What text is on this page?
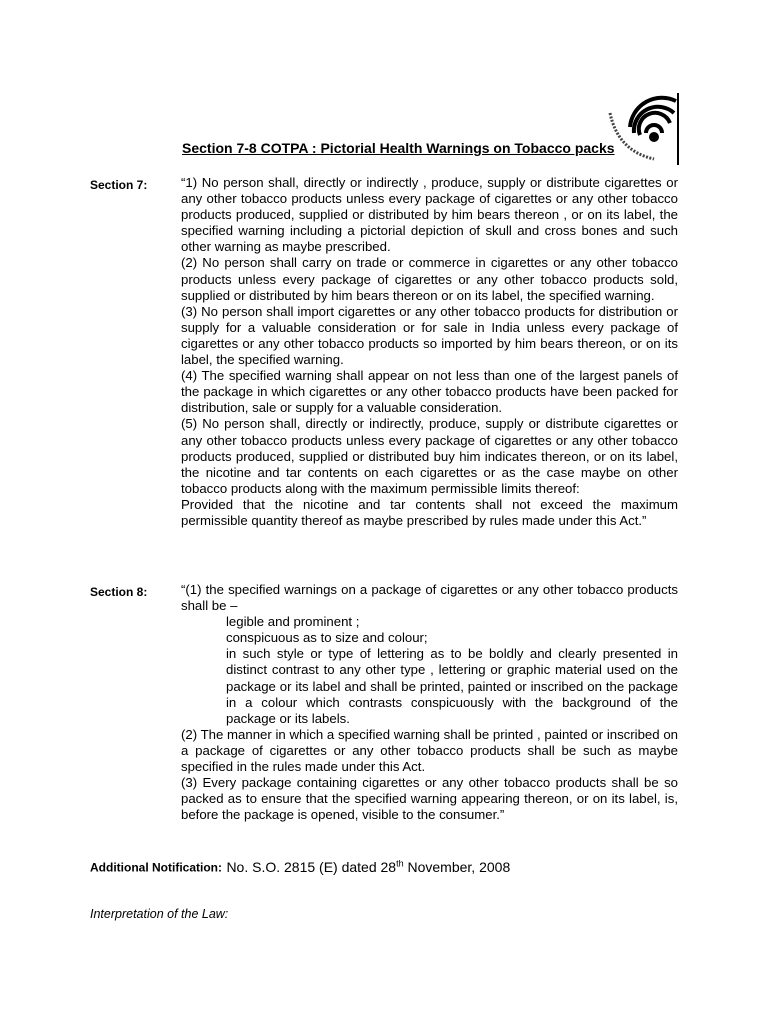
Section 7-8 COTPA : Pictorial Health Warnings on Tobacco packs
Section 7:	“1) No person shall, directly or indirectly , produce, supply or distribute cigarettes or any other tobacco products unless every package of cigarettes or any other tobacco products produced, supplied or distributed by him bears thereon , or on its label, the specified warning including a pictorial depiction of skull and cross bones and such other warning as maybe prescribed.

(2) No person shall carry on trade or commerce in cigarettes or any other tobacco products unless every package of cigarettes or any other tobacco products sold, supplied or distributed by him bears thereon or on its label, the specified warning.

(3) No person shall import cigarettes or any other tobacco products for distribution or supply for a valuable consideration or for sale in India unless every package of cigarettes or any other tobacco products so imported by him bears thereon, or on its label, the specified warning.

(4) The specified warning shall appear on not less than one of the largest panels of the package in which cigarettes or any other tobacco products have been packed for distribution, sale or supply for a valuable consideration.

(5) No person shall, directly or indirectly, produce, supply or distribute cigarettes or any other tobacco products unless every package of cigarettes or any other tobacco products produced, supplied or distributed buy him indicates thereon, or on its label, the nicotine and tar contents on each cigarettes or as the case maybe on other tobacco products along with the maximum permissible limits thereof:

Provided that the nicotine and tar contents shall not exceed the maximum permissible quantity thereof as maybe prescribed by rules made under this Act.”

Section 8:	“(1) the specified warnings on a package of cigarettes or any other tobacco products shall be –

legible and prominent ;

conspicuous as to size and colour;

in such style or type of lettering as to be boldly and clearly presented in distinct contrast to any other type , lettering or graphic material used on the package or its label and shall be printed, painted or inscribed on the package in a colour which contrasts conspicuously with the background of the package or its labels.

(2) The manner in which a specified warning shall be printed , painted or inscribed on a package of cigarettes or any other tobacco products shall be such as maybe specified in the rules made under this Act.

(3) Every package containing cigarettes or any other tobacco products shall be so packed as to ensure that the specified warning appearing thereon, or on its label, is, before the package is opened, visible to the consumer.”

Additional Notification: No. S.O. 2815 (E) dated 28th November, 2008
Interpretation of the Law:
